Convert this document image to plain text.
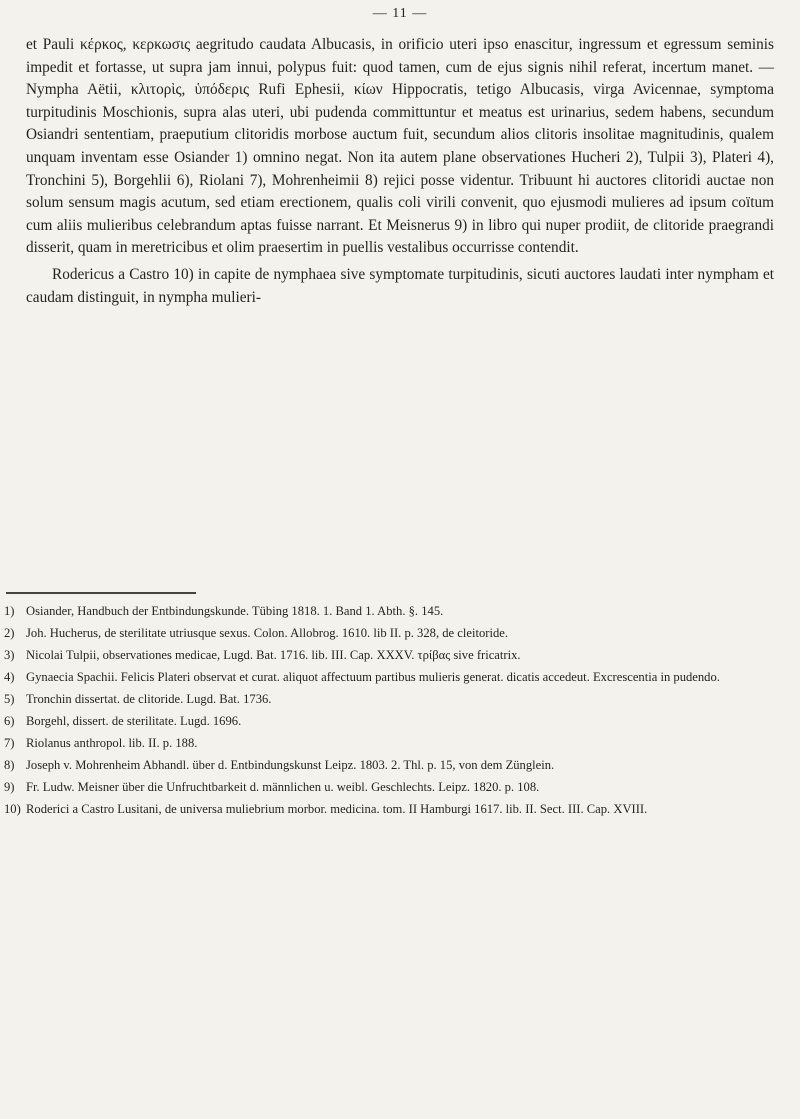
— 11 —

et Pauli κέρκος, κερκωσις aegritudo caudata Albucasis, in orificio uteri ipso enascitur, ingressum et egressum seminis impedit et fortasse, ut supra jam innui, polypus fuit: quod tamen, cum de ejus signis nihil referat, incertum manet. — Nympha Aëtii, κλιτορὶς, ὑπόδερις Rufi Ephesii, κίων Hippocratis, tetigo Albucasis, virga Avicennae, symptoma turpitudinis Moschionis, supra alas uteri, ubi pudenda committuntur et meatus est urinarius, sedem habens, secundum Osiandri sententiam, praeputium clitoridis morbose auctum fuit, secundum alios clitoris insolitae magnitudinis, qualem unquam inventam esse Osiander 1) omnino negat. Non ita autem plane observationes Hucheri 2), Tulpii 3), Plateri 4), Tronchini 5), Borgehlii 6), Riolani 7), Mohrenheimii 8) rejici posse videntur. Tribuunt hi auctores clitoridi auctae non solum sensum magis acutum, sed etiam erectionem, qualis coli virili convenit, quo ejusmodi mulieres ad ipsum coïtum cum aliis mulieribus celebrandum aptas fuisse narrant. Et Meisnerus 9) in libro qui nuper prodiit, de clitoride praegrandi disserit, quam in meretricibus et olim praesertim in puellis vestalibus occurrisse contendit.

Rodericus a Castro 10) in capite de nymphaea sive symptomate turpitudinis, sicuti auctores laudati inter nympham et caudam distinguit, in nympha mulieri-

1) Osiander, Handbuch der Entbindungskunde. Tübing 1818. 1. Band 1. Abth. §. 145.
2) Joh. Hucherus, de sterilitate utriusque sexus. Colon. Allobrog. 1610. lib II. p. 328, de cleitoride.
3) Nicolai Tulpii, observationes medicae, Lugd. Bat. 1716. lib. III. Cap. XXXV. τρίβας sive fricatrix.
4) Gynaecia Spachii. Felicis Plateri observat et curat. aliquot affectuum partibus mulieris generat. dicatis accedeut. Excrescentia in pudendo.
5) Tronchin dissertat. de clitoride. Lugd. Bat. 1736.
6) Borgehl, dissert. de sterilitate. Lugd. 1696.
7) Riolanus anthropol. lib. II. p. 188.
8) Joseph v. Mohrenheim Abhandl. über d. Entbindungskunst Leipz. 1803. 2. Thl. p. 15, von dem Zünglein.
9) Fr. Ludw. Meisner über die Unfruchtbarkeit d. männlichen u. weibl. Geschlechts. Leipz. 1820. p. 108.
10) Roderici a Castro Lusitani, de universa muliebrium morbor. medicina. tom. II Hamburgi 1617. lib. II. Sect. III. Cap. XVIII.
